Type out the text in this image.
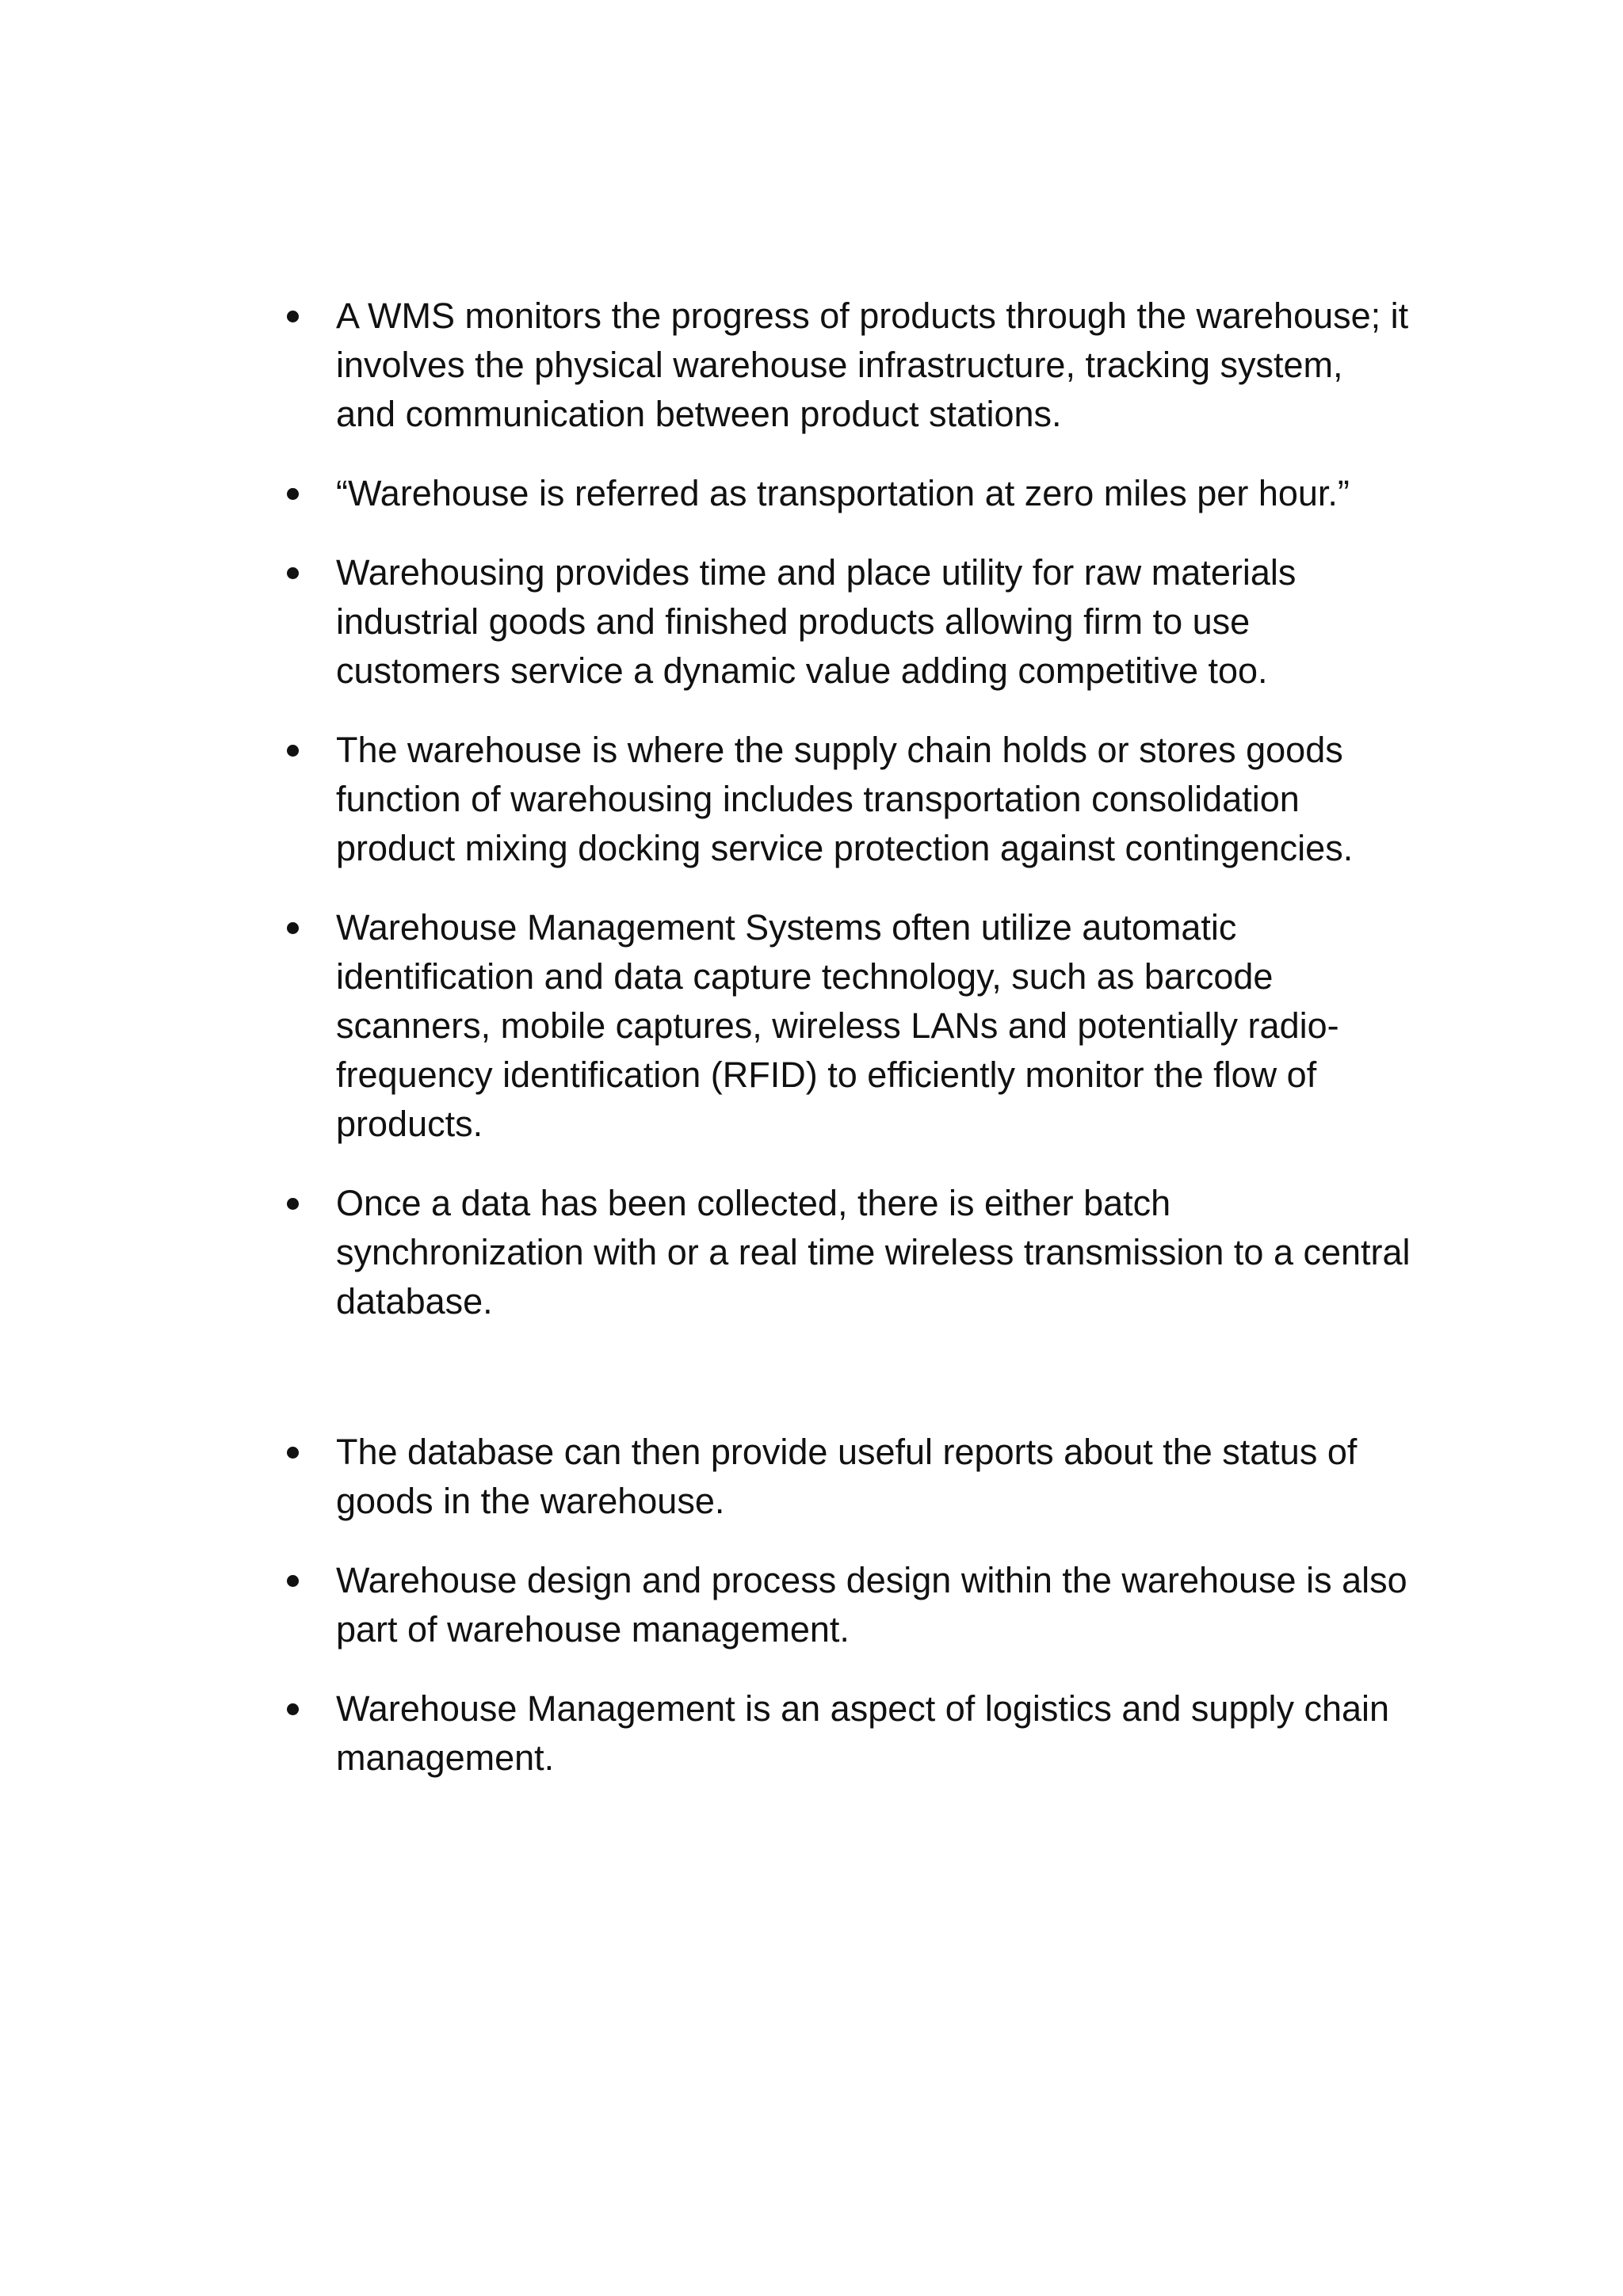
A WMS monitors the progress of products through the warehouse; it involves the physical warehouse infrastructure, tracking system, and communication between product stations.
“Warehouse is referred as transportation at zero miles per hour.”
Warehousing provides time and place utility for raw materials industrial goods and finished products allowing firm to use customers service a dynamic value adding competitive too.
The warehouse is where the supply chain holds or stores goods function of warehousing includes transportation consolidation product mixing docking service protection against contingencies.
Warehouse Management Systems often utilize automatic identification and data capture technology, such as barcode scanners, mobile captures, wireless LANs and potentially radio-frequency identification (RFID) to efficiently monitor the flow of products.
Once a data has been collected, there is either batch synchronization with or a real time wireless transmission to a central database.
The database can then provide useful reports about the status of goods in the warehouse.
Warehouse design and process design within the warehouse is also part of warehouse management.
Warehouse Management is an aspect of logistics and supply chain management.
